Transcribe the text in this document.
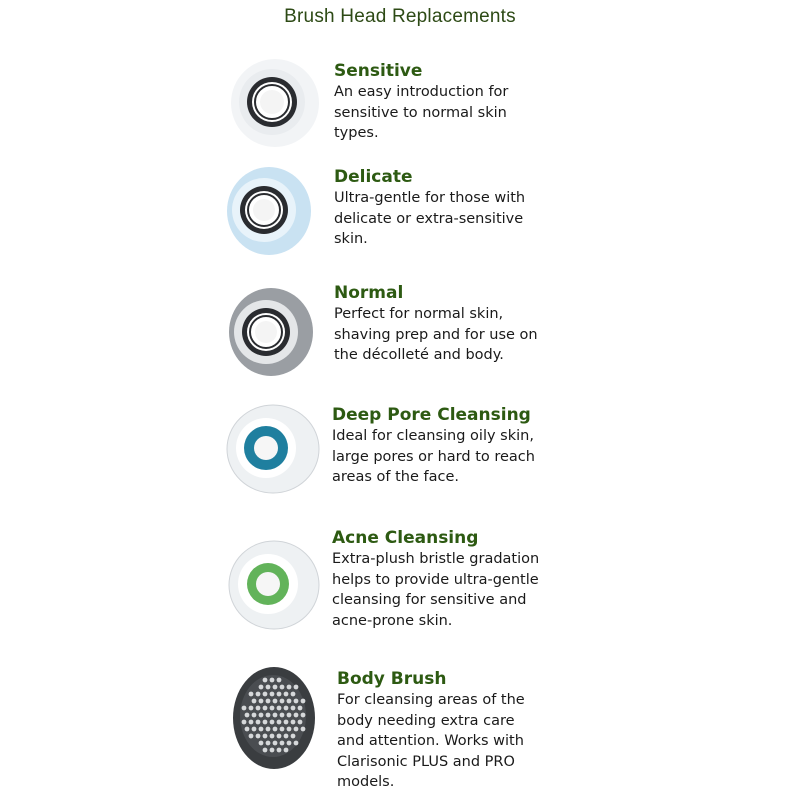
Brush Head Replacements
Sensitive
An easy introduction for
sensitive to normal skin
types.
Delicate
Ultra-gentle for those with
delicate or extra-sensitive
skin.
Normal
Perfect for normal skin,
shaving prep and for use on
the décolleté and body.
Deep Pore Cleansing
Ideal for cleansing oily skin,
large pores or hard to reach
areas of the face.
Acne Cleansing
Extra-plush bristle gradation
helps to provide ultra-gentle
cleansing for sensitive and
acne-prone skin.
Body Brush
For cleansing areas of the
body needing extra care
and attention. Works with
Clarisonic PLUS and PRO
models.
